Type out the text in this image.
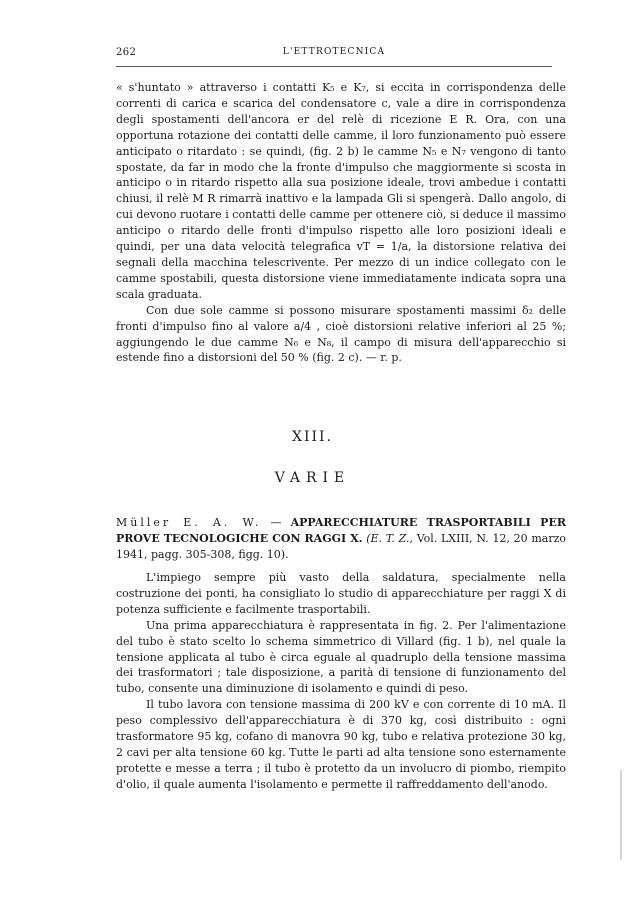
262	L'ETTROTECNICA

« s'huntato » attraverso i contatti K₅ e K₇, si eccita in corrispondenza delle correnti di carica e scarica del condensatore c, vale a dire in corrispondenza degli spostamenti dell'ancora er del relè di ricezione E R. Ora, con una opportuna rotazione dei contatti delle camme, il loro funzionamento può essere anticipato o ritardato : se quindi, (fig. 2 b) le camme N₅ e N₇ vengono di tanto spostate, da far in modo che la fronte d'impulso che maggiormente si scosta in anticipo o in ritardo rispetto alla sua posizione ideale, trovi ambedue i contatti chiusi, il relè M R rimarrà inattivo e la lampada Gli si spengerà. Dallo angolo, di cui devono ruotare i contatti delle camme per ottenere ciò, si deduce il massimo anticipo o ritardo delle fronti d'impulso rispetto alle loro posizioni ideali e quindi, per una data velocità telegrafica vT = 1/a, la distorsione relativa dei segnali della macchina telescrivente. Per mezzo di un indice collegato con le camme spostabili, questa distorsione viene immediatamente indicata sopra una scala graduata.

Con due sole camme si possono misurare spostamenti massimi δ₂ delle fronti d'impulso fino al valore a/4 , cioè distorsioni relative inferiori al 25 %; aggiungendo le due camme N₆ e N₈, il campo di misura dell'apparecchio si estende fino a distorsioni del 50 % (fig. 2 c). — r. p.

XIII.
VARIE
Müller E. A. W. — APPARECCHIATURE TRASPORTABILI PER PROVE TECNOLOGICHE CON RAGGI X. (E. T. Z., Vol. LXIII, N. 12, 20 marzo 1941, pagg. 305-308, figg. 10).

L'impiego sempre più vasto della saldatura, specialmente nella costruzione dei ponti, ha consigliato lo studio di apparecchiature per raggi X di potenza sufficiente e facilmente trasportabili.

Una prima apparecchiatura è rappresentata in fig. 2. Per l'alimentazione del tubo è stato scelto lo schema simmetrico di Villard (fig. 1 b), nel quale la tensione applicata al tubo è circa eguale al quadruplo della tensione massima dei trasformatori ; tale disposizione, a parità di tensione di funzionamento del tubo, consente una diminuzione di isolamento e quindi di peso.

Il tubo lavora con tensione massima di 200 kV e con corrente di 10 mA. Il peso complessivo dell'apparecchiatura è di 370 kg, così distribuito : ogni trasformatore 95 kg, cofano di manovra 90 kg, tubo e relativa protezione 30 kg, 2 cavi per alta tensione 60 kg. Tutte le parti ad alta tensione sono esternamente protette e messe a terra ; il tubo è protetto da un involucro di piombo, riempito d'olio, il quale aumenta l'isolamento e permette il raffreddamento dell'anodo.
